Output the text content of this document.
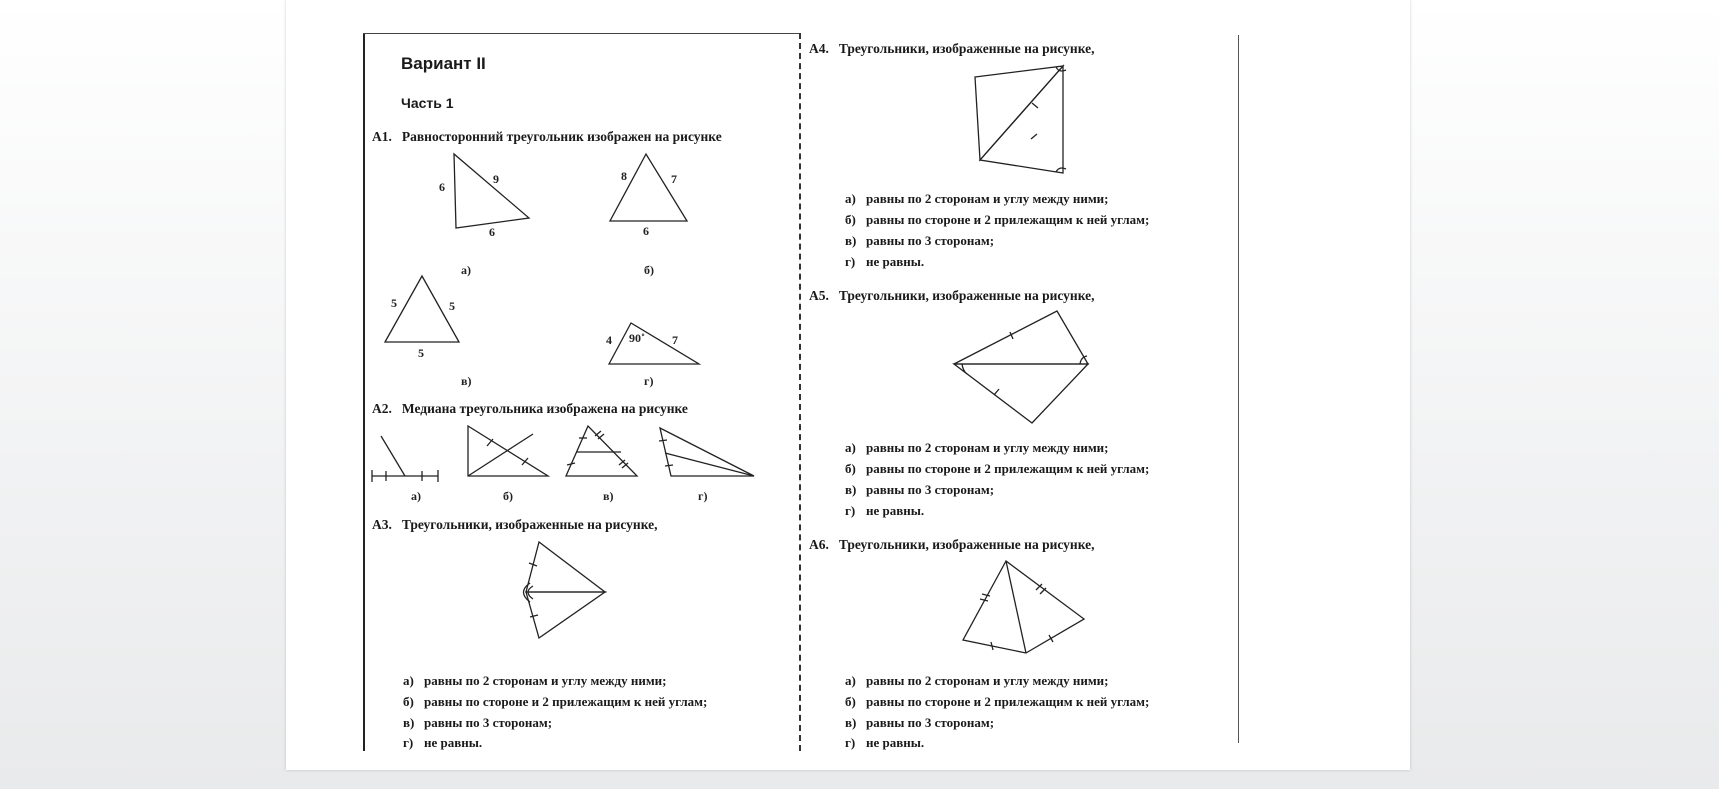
Вариант II
Часть 1
А1. Равносторонний треугольник изображен на рисунке
6
9
6
8	7
6
5	5
5
4 90˚ 7
а)	б)
в)	г)
а)	б)	в)	г)
А2. Медиана треугольника изображена на рисунке
А3. Треугольники, изображенные на рисунке,
а) равны по 2 сторонам и углу между ними;
б) равны по стороне и 2 прилежащим к ней углам;
в) равны по 3 сторонам;
г) не равны.
А4. Треугольники, изображенные на рисунке,
а) равны по 2 сторонам и углу между ними;
б) равны по стороне и 2 прилежащим к ней углам;
в) равны по 3 сторонам;
г) не равны.
А5. Треугольники, изображенные на рисунке,
а) равны по 2 сторонам и углу между ними;
б) равны по стороне и 2 прилежащим к ней углам;
в) равны по 3 сторонам;
г) не равны.
А6. Треугольники, изображенные на рисунке,
а) равны по 2 сторонам и углу между ними;
б) равны по стороне и 2 прилежащим к ней углам;
в) равны по 3 сторонам;
г) не равны.
